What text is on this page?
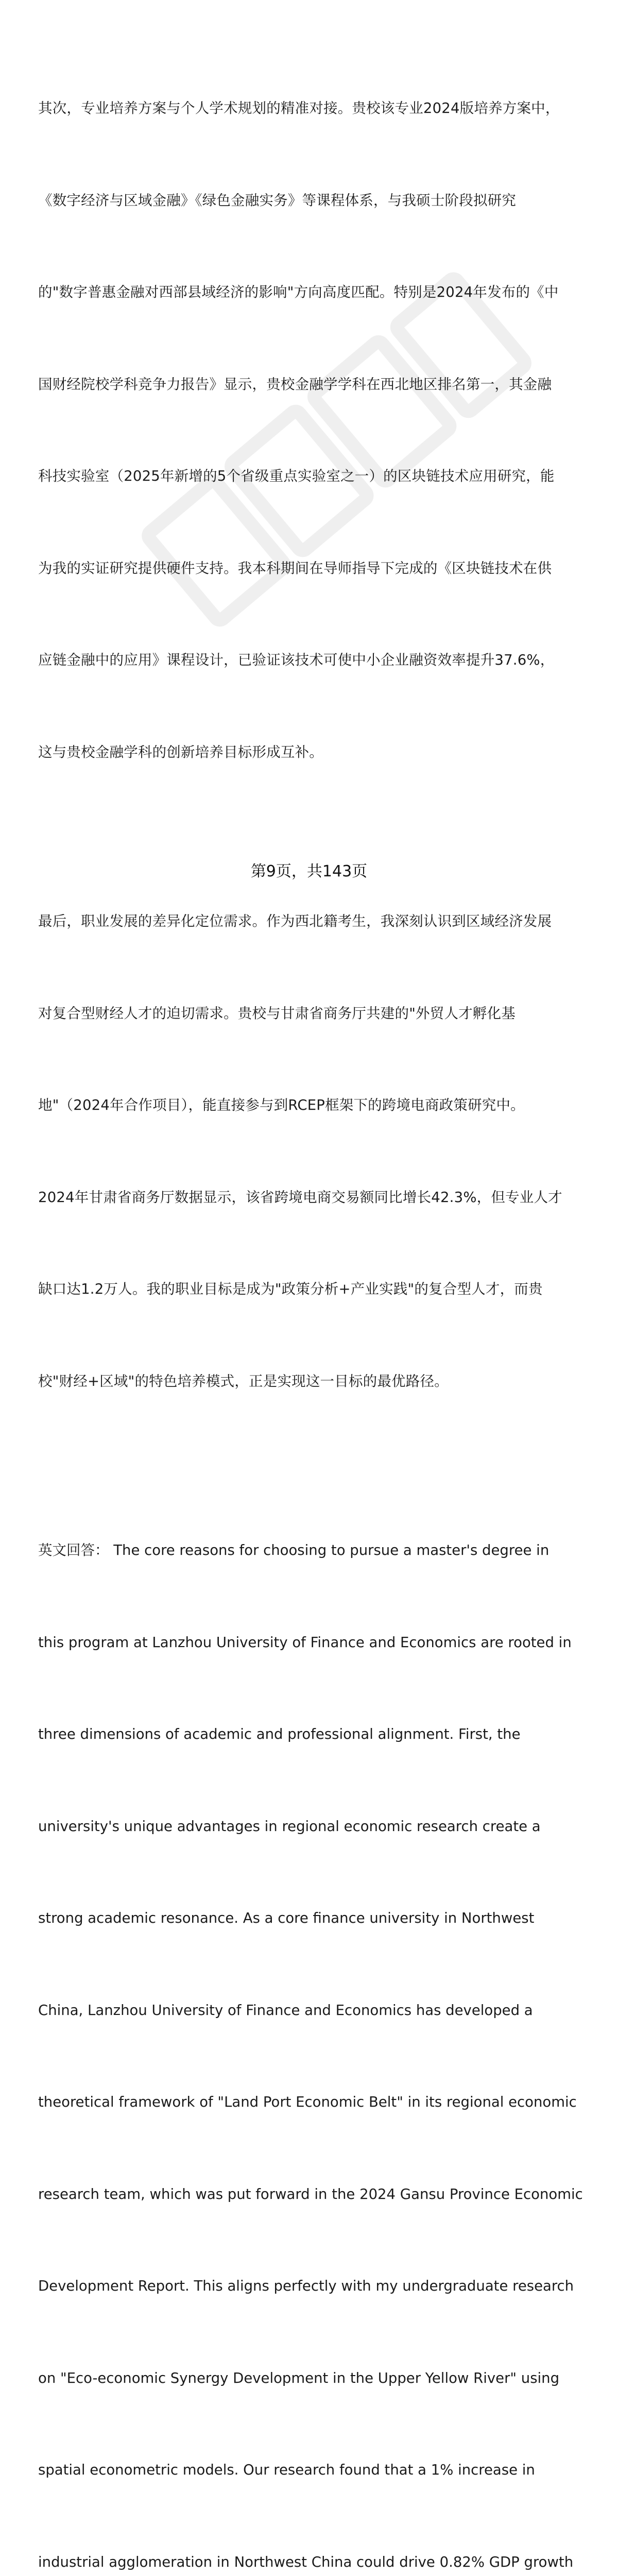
其次，专业培养方案与个人学术规划的精准对接。贵校该专业2024版培养方案中，

《数字经济与区域金融》《绿色金融实务》等课程体系，与我硕士阶段拟研究

的"数字普惠金融对西部县域经济的影响"方向高度匹配。特别是2024年发布的《中

国财经院校学科竞争力报告》显示，贵校金融学学科在西北地区排名第一，其金融

科技实验室（2025年新增的5个省级重点实验室之一）的区块链技术应用研究，能

为我的实证研究提供硬件支持。我本科期间在导师指导下完成的《区块链技术在供

应链金融中的应用》课程设计，已验证该技术可使中小企业融资效率提升37.6%，

这与贵校金融学科的创新培养目标形成互补。

最后，职业发展的差异化定位需求。作为西北籍考生，我深刻认识到区域经济发展

对复合型财经人才的迫切需求。贵校与甘肃省商务厅共建的"外贸人才孵化基

地"（2024年合作项目），能直接参与到RCEP框架下的跨境电商政策研究中。

2024年甘肃省商务厅数据显示，该省跨境电商交易额同比增长42.3%，但专业人才

缺口达1.2万人。我的职业目标是成为"政策分析+产业实践"的复合型人才，而贵

校"财经+区域"的特色培养模式，正是实现这一目标的最优路径。

英文回答： The core reasons for choosing to pursue a master's degree in

this program at Lanzhou University of Finance and Economics are rooted in

three dimensions of academic and professional alignment. First, the

university's unique advantages in regional economic research create a

strong academic resonance. As a core finance university in Northwest

China, Lanzhou University of Finance and Economics has developed a

theoretical framework of "Land Port Economic Belt" in its regional economic

research team, which was put forward in the 2024 Gansu Province Economic

Development Report. This aligns perfectly with my undergraduate research

on "Eco-economic Synergy Development in the Upper Yellow River" using

spatial econometric models. Our research found that a 1% increase in

industrial agglomeration in Northwest China could drive 0.82% GDP growth

第9页，共143页
